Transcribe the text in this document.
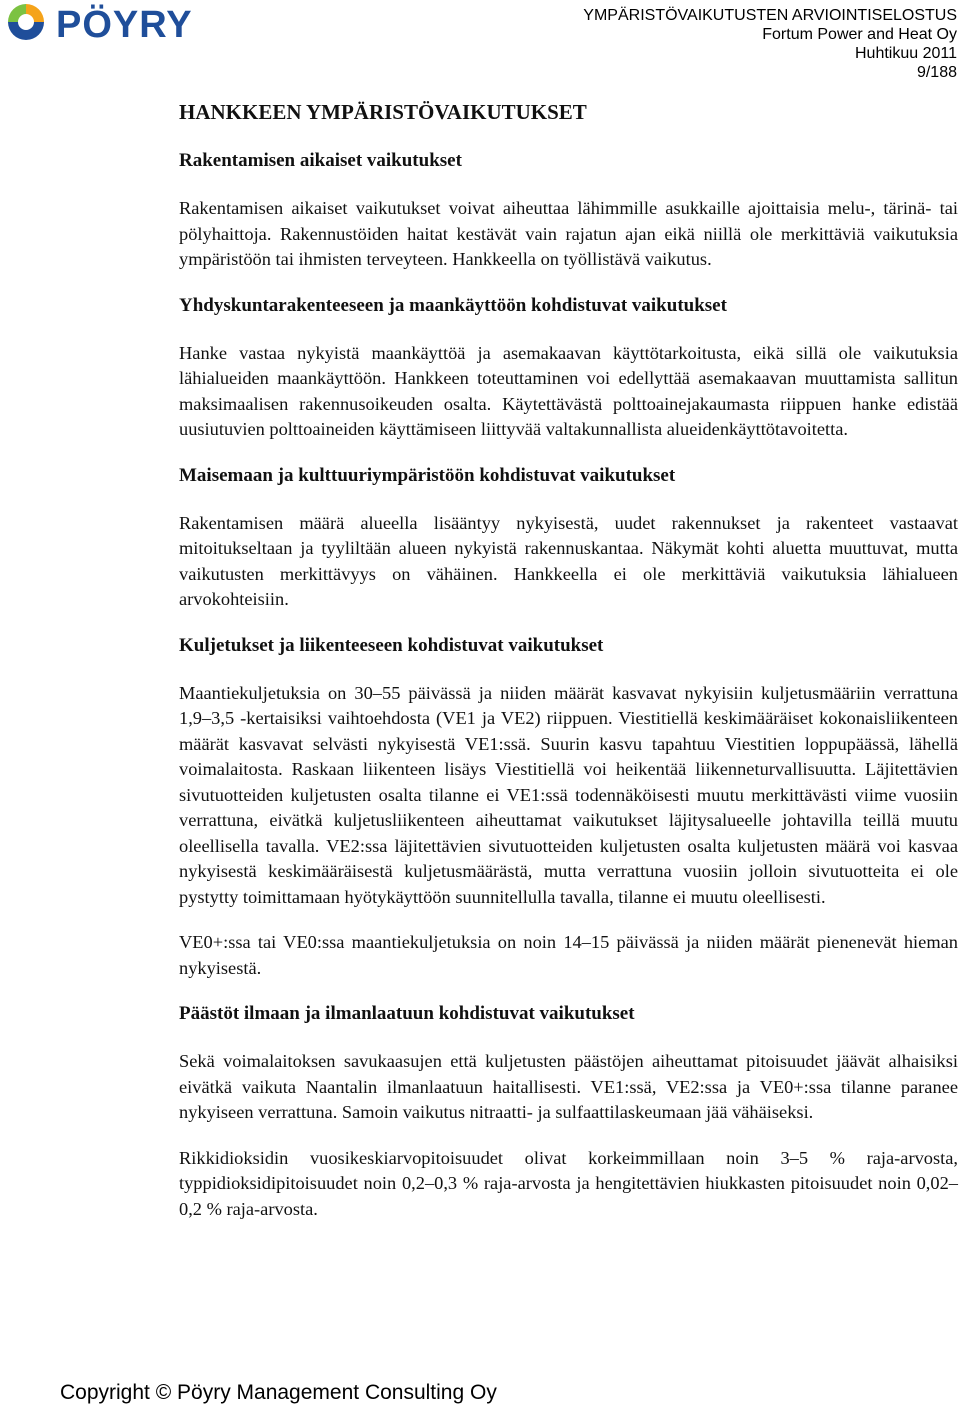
PÖYRY	YMPÄRISTÖVAIKUTUSTEN ARVIOINTISELOSTUS
Fortum Power and Heat Oy
Huhtikuu 2011
9/188
HANKKEEN YMPÄRISTÖVAIKUTUKSET
Rakentamisen aikaiset vaikutukset

Rakentamisen aikaiset vaikutukset voivat aiheuttaa lähimmille asukkaille ajoittaisia melu-, tärinä- tai pölyhaittoja. Rakennustöiden haitat kestävät vain rajatun ajan eikä niillä ole merkittäviä vaikutuksia ympäristöön tai ihmisten terveyteen. Hankkeella on työllistävä vaikutus.

Yhdyskuntarakenteeseen ja maankäyttöön kohdistuvat vaikutukset

Hanke vastaa nykyistä maankäyttöä ja asemakaavan käyttötarkoitusta, eikä sillä ole vaikutuksia lähialueiden maankäyttöön. Hankkeen toteuttaminen voi edellyttää asemakaavan muuttamista sallitun maksimaalisen rakennusoikeuden osalta. Käytettävästä polttoainejakaumasta riippuen hanke edistää uusiutuvien polttoaineiden käyttämiseen liittyvää valtakunnallista alueidenkäyttötavoitetta.

Maisemaan ja kulttuuriympäristöön kohdistuvat vaikutukset

Rakentamisen määrä alueella lisääntyy nykyisestä, uudet rakennukset ja rakenteet vastaavat mitoitukseltaan ja tyyliltään alueen nykyistä rakennuskantaa. Näkymät kohti aluetta muuttuvat, mutta vaikutusten merkittävyys on vähäinen. Hankkeella ei ole merkittäviä vaikutuksia lähialueen arvokohteisiin.

Kuljetukset ja liikenteeseen kohdistuvat vaikutukset

Maantiekuljetuksia on 30–55 päivässä ja niiden määrät kasvavat nykyisiin kuljetusmääriin verrattuna 1,9–3,5 -kertaisiksi vaihtoehdosta (VE1 ja VE2) riippuen. Viestitiellä keskimääräiset kokonaisliikenteen määrät kasvavat selvästi nykyisestä VE1:ssä. Suurin kasvu tapahtuu Viestitien loppupäässä, lähellä voimalaitosta. Raskaan liikenteen lisäys Viestitiellä voi heikentää liikenneturvallisuutta. Läjitettävien sivutuotteiden kuljetusten osalta tilanne ei VE1:ssä todennäköisesti muutu merkittävästi viime vuosiin verrattuna, eivätkä kuljetusliikenteen aiheuttamat vaikutukset läjitysalueelle johtavilla teillä muutu oleellisella tavalla. VE2:ssa läjitettävien sivutuotteiden kuljetusten osalta kuljetusten määrä voi kasvaa nykyisestä keskimääräisestä kuljetusmäärästä, mutta verrattuna vuosiin jolloin sivutuotteita ei ole pystytty toimittamaan hyötykäyttöön suunnitellulla tavalla, tilanne ei muutu oleellisesti.

VE0+:ssa tai VE0:ssa maantiekuljetuksia on noin 14–15 päivässä ja niiden määrät pienenevät hieman nykyisestä.

Päästöt ilmaan ja ilmanlaatuun kohdistuvat vaikutukset

Sekä voimalaitoksen savukaasujen että kuljetusten päästöjen aiheuttamat pitoisuudet jäävät alhaisiksi eivätkä vaikuta Naantalin ilmanlaatuun haitallisesti. VE1:ssä, VE2:ssa ja VE0+:ssa tilanne paranee nykyiseen verrattuna. Samoin vaikutus nitraatti- ja sulfaattilaskeumaan jää vähäiseksi.

Rikkidioksidin vuosikeskiarvopitoisuudet olivat korkeimmillaan noin 3–5 % raja-arvosta, typpidioksidipitoisuudet noin 0,2–0,3 % raja-arvosta ja hengitettävien hiukkasten pitoisuudet noin 0,02–0,2 % raja-arvosta.

Copyright © Pöyry Management Consulting Oy
